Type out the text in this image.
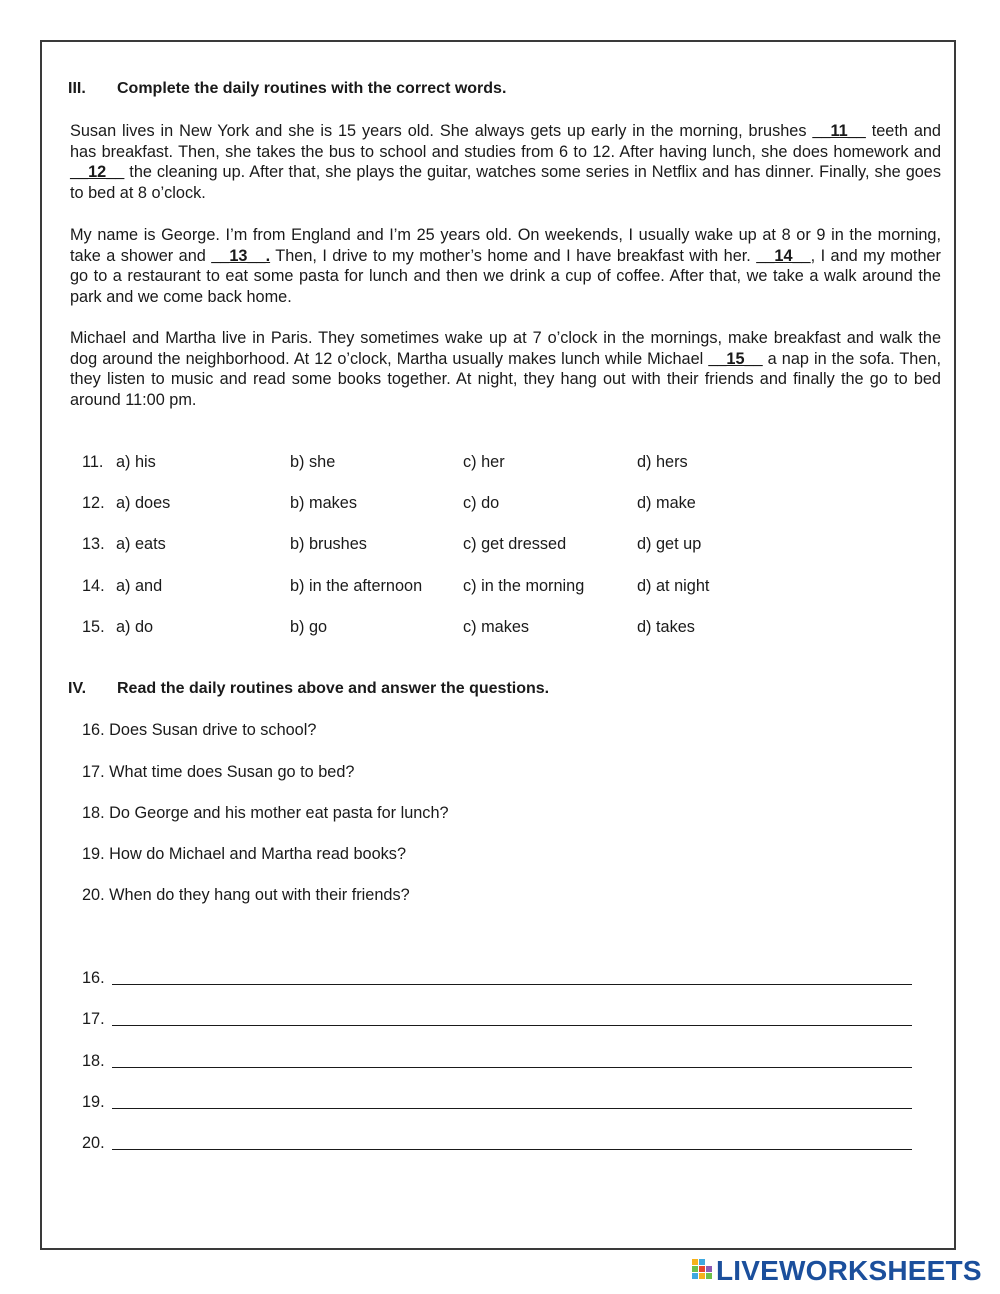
III. Complete the daily routines with the correct words.

Susan lives in New York and she is 15 years old. She always gets up early in the morning, brushes __11__ teeth and has breakfast. Then, she takes the bus to school and studies from 6 to 12. After having lunch, she does homework and __12__ the cleaning up. After that, she plays the guitar, watches some series in Netflix and has dinner. Finally, she goes to bed at 8 o’clock.

My name is George. I’m from England and I’m 25 years old. On weekends, I usually wake up at 8 or 9 in the morning, take a shower and __13__. Then, I drive to my mother’s home and I have breakfast with her. __14__, I and my mother go to a restaurant to eat some pasta for lunch and then we drink a cup of coffee. After that, we take a walk around the park and we come back home.

Michael and Martha live in Paris. They sometimes wake up at 7 o’clock in the mornings, make breakfast and walk the dog around the neighborhood. At 12 o’clock, Martha usually makes lunch while Michael __15__ a nap in the sofa. Then, they listen to music and read some books together. At night, they hang out with their friends and finally the go to bed around 11:00 pm.

11. a) his	b) she	c) her	d) hers
12. a) does	b) makes	c) do	d) make
13. a) eats	b) brushes	c) get dressed	d) get up
14. a) and	b) in the afternoon	c) in the morning	d) at night
15. a) do	b) go	c) makes	d) takes
IV. Read the daily routines above and answer the questions.
16. Does Susan drive to school?
17. What time does Susan go to bed?
18. Do George and his mother eat pasta for lunch?
19. How do Michael and Martha read books?
20. When do they hang out with their friends?
16.
17.
18.
19.
20.
LIVEWORKSHEETS
